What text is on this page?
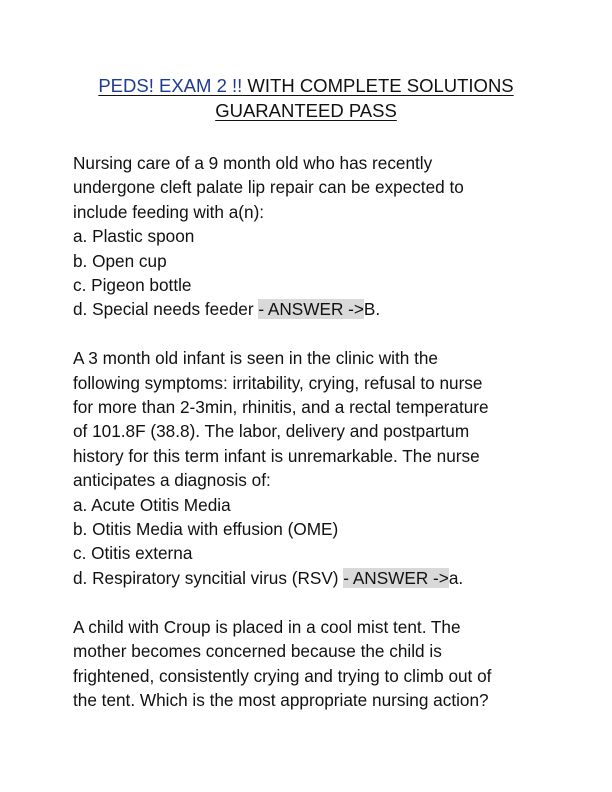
PEDS! EXAM 2 !! WITH COMPLETE SOLUTIONS
GUARANTEED PASS
Nursing care of a 9 month old who has recently
undergone cleft palate lip repair can be expected to
include feeding with a(n):
a. Plastic spoon
b. Open cup
c. Pigeon bottle
d. Special needs feeder - ANSWER ->B.
A 3 month old infant is seen in the clinic with the
following symptoms: irritability, crying, refusal to nurse
for more than 2-3min, rhinitis, and a rectal temperature
of 101.8F (38.8). The labor, delivery and postpartum
history for this term infant is unremarkable. The nurse
anticipates a diagnosis of:
a. Acute Otitis Media
b. Otitis Media with effusion (OME)
c. Otitis externa
d. Respiratory syncitial virus (RSV) - ANSWER ->a.
A child with Croup is placed in a cool mist tent. The
mother becomes concerned because the child is
frightened, consistently crying and trying to climb out of
the tent. Which is the most appropriate nursing action?
